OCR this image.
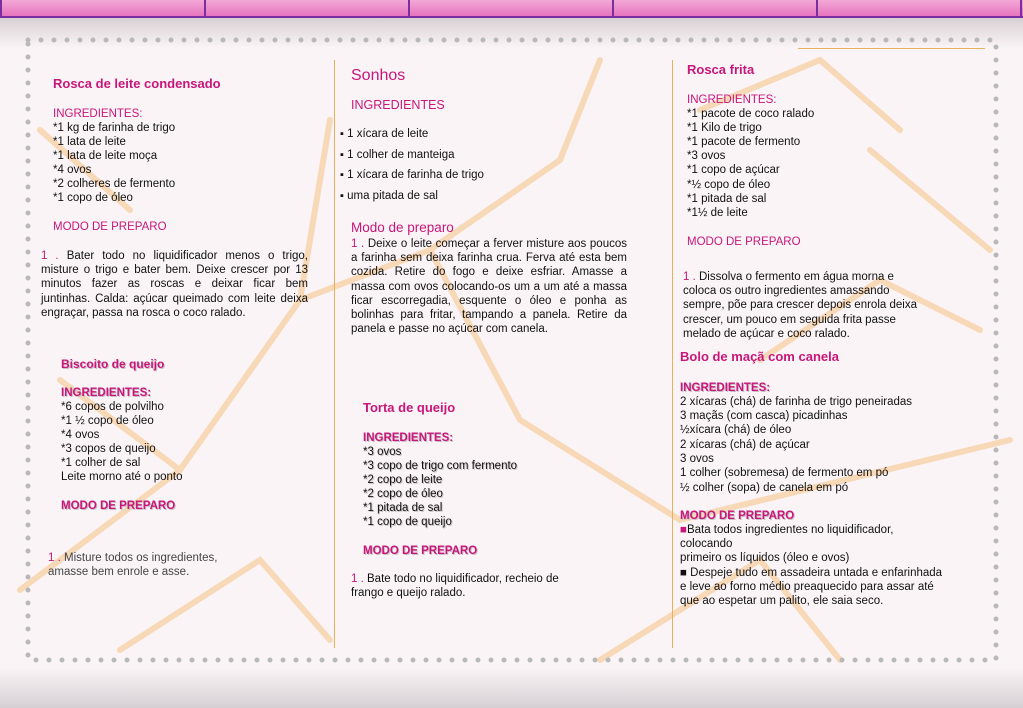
Rosca de leite condensado
INGREDIENTES:
*1 kg de farinha de trigo
*1 lata de leite
*1 lata de leite moça
*4 ovos
*2 colheres de fermento
*1 copo de óleo
MODO DE PREPARO
1 . Bater todo no liquidificador menos o trigo, misture o trigo e bater bem. Deixe crescer por 13 minutos fazer as roscas e deixar ficar bem juntinhas. Calda: açúcar queimado com leite deixa engraçar, passa na rosca o coco ralado.
Biscoito de queijo
INGREDIENTES:
*6 copos de polvilho
*1 ½ copo de óleo
*4 ovos
*3 copos de queijo
*1 colher de sal
Leite morno até o ponto
MODO DE PREPARO
1 . Misture todos os ingredientes,
amasse bem enrole e asse.
Sonhos
INGREDIENTES
▪ 1 xícara de leite
▪ 1 colher de manteiga
▪ 1 xícara de farinha de trigo
▪ uma pitada de sal
Modo de preparo
1 . Deixe o leite começar a ferver misture aos poucos a farinha sem deixa farinha crua. Ferva até esta bem cozida. Retire do fogo e deixe esfriar. Amasse a massa com ovos colocando-os um a um até a massa ficar escorregadia, esquente o óleo e ponha as bolinhas para fritar, tampando a panela. Retire da panela e passe no açúcar com canela.
Torta de queijo
INGREDIENTES:
*3 ovos
*3 copo de trigo com fermento
*2 copo de leite
*2 copo de óleo
*1 pitada de sal
*1 copo de queijo
MODO DE PREPARO
1 . Bate todo no liquidificador, recheio de
frango e queijo ralado.
Rosca frita
INGREDIENTES:
*1 pacote de coco ralado
*1 Kilo de trigo
*1 pacote de fermento
*3 ovos
*1 copo de açúcar
*½ copo de óleo
*1 pitada de sal
*1½ de leite
MODO DE PREPARO
1 . Dissolva o fermento em água morna e
coloca os outro ingredientes amassando
sempre, põe para crescer depois enrola deixa
crescer, um pouco em seguida frita passe
melado de açúcar e coco ralado.
Bolo de maçã com canela
INGREDIENTES:
2 xícaras (chá) de farinha de trigo peneiradas
3 maçãs (com casca) picadinhas
½xícara (chá) de óleo
2 xícaras (chá) de açúcar
3 ovos
1 colher (sobremesa) de fermento em pó
½ colher (sopa) de canela em pó
MODO DE PREPARO
■Bata todos ingredientes no liquidificador,
colocando
primeiro os líquidos (óleo e ovos)
■ Despeje tudo em assadeira untada e enfarinhada
e leve ao forno médio preaquecido para assar até
que ao espetar um palito, ele saia seco.
